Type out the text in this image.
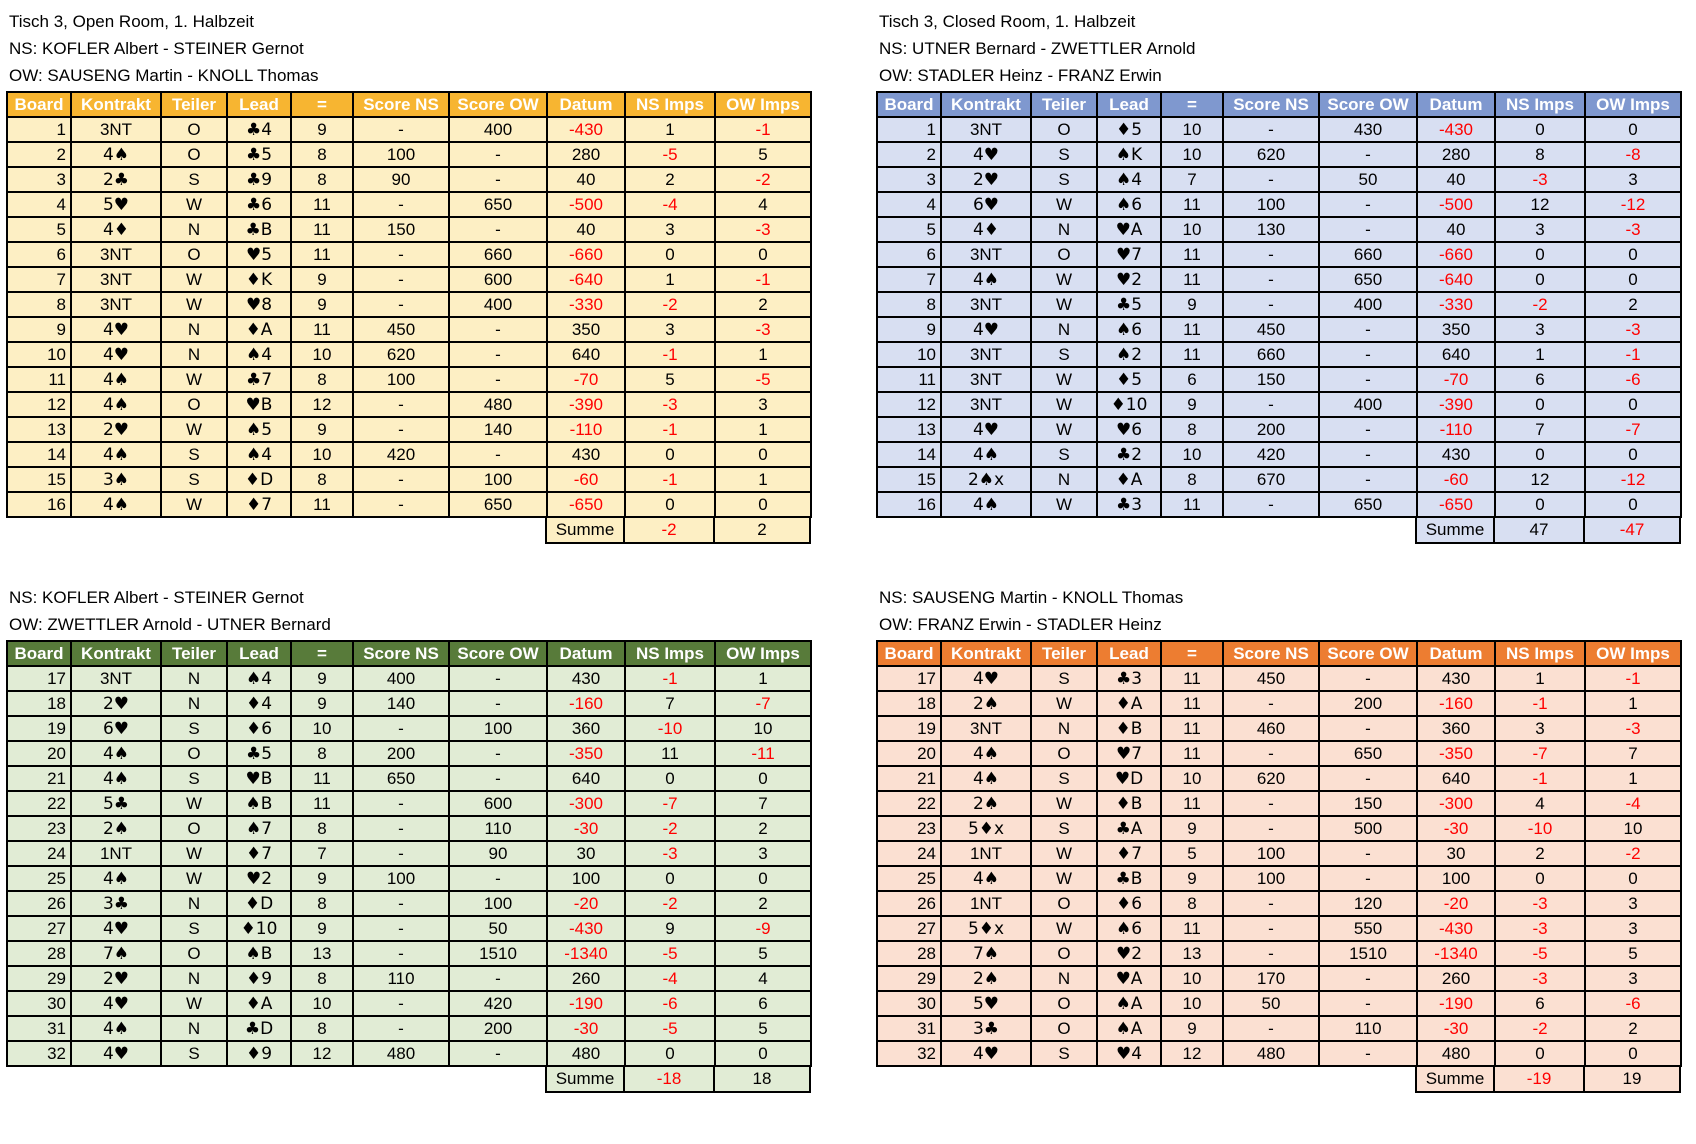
Tisch 3, Open Room, 1. Halbzeit
NS: KOFLER Albert - STEINER Gernot
OW: SAUSENG Martin - KNOLL Thomas
Board	Kontrakt	Teiler	Lead	=	Score NS	Score OW	Datum	NS Imps	OW Imps
1	3NT	O	♣4	9	-	400	-430	1	-1
2	4♠	O	♣5	8	100	-	280	-5	5
3	2♣	S	♣9	8	90	-	40	2	-2
4	5♥	W	♣6	11	-	650	-500	-4	4
5	4♦	N	♣B	11	150	-	40	3	-3
6	3NT	O	♥5	11	-	660	-660	0	0
7	3NT	W	♦K	9	-	600	-640	1	-1
8	3NT	W	♥8	9	-	400	-330	-2	2
9	4♥	N	♦A	11	450	-	350	3	-3
10	4♥	N	♠4	10	620	-	640	-1	1
11	4♠	W	♣7	8	100	-	-70	5	-5
12	4♠	O	♥B	12	-	480	-390	-3	3
13	2♥	W	♠5	9	-	140	-110	-1	1
14	4♠	S	♠4	10	420	-	430	0	0
15	3♠	S	♦D	8	-	100	-60	-1	1
16	4♠	W	♦7	11	-	650	-650	0	0
	Summe	-2	2
Tisch 3, Closed Room, 1. Halbzeit
NS: UTNER Bernard - ZWETTLER Arnold
OW: STADLER Heinz - FRANZ Erwin
Board	Kontrakt	Teiler	Lead	=	Score NS	Score OW	Datum	NS Imps	OW Imps
1	3NT	O	♦5	10	-	430	-430	0	0
2	4♥	S	♠K	10	620	-	280	8	-8
3	2♥	S	♠4	7	-	50	40	-3	3
4	6♥	W	♠6	11	100	-	-500	12	-12
5	4♦	N	♥A	10	130	-	40	3	-3
6	3NT	O	♥7	11	-	660	-660	0	0
7	4♠	W	♥2	11	-	650	-640	0	0
8	3NT	W	♣5	9	-	400	-330	-2	2
9	4♥	N	♠6	11	450	-	350	3	-3
10	3NT	S	♠2	11	660	-	640	1	-1
11	3NT	W	♦5	6	150	-	-70	6	-6
12	3NT	W	♦10	9	-	400	-390	0	0
13	4♥	W	♥6	8	200	-	-110	7	-7
14	4♠	S	♣2	10	420	-	430	0	0
15	2♠x	N	♦A	8	670	-	-60	12	-12
16	4♠	W	♣3	11	-	650	-650	0	0
	Summe	47	-47
NS: KOFLER Albert - STEINER Gernot
OW: ZWETTLER Arnold - UTNER Bernard
Board	Kontrakt	Teiler	Lead	=	Score NS	Score OW	Datum	NS Imps	OW Imps
17	3NT	N	♠4	9	400	-	430	-1	1
18	2♥	N	♦4	9	140	-	-160	7	-7
19	6♥	S	♦6	10	-	100	360	-10	10
20	4♠	O	♣5	8	200	-	-350	11	-11
21	4♠	S	♥B	11	650	-	640	0	0
22	5♣	W	♠B	11	-	600	-300	-7	7
23	2♠	O	♠7	8	-	110	-30	-2	2
24	1NT	W	♦7	7	-	90	30	-3	3
25	4♠	W	♥2	9	100	-	100	0	0
26	3♣	N	♦D	8	-	100	-20	-2	2
27	4♥	S	♦10	9	-	50	-430	9	-9
28	7♠	O	♠B	13	-	1510	-1340	-5	5
29	2♥	N	♦9	8	110	-	260	-4	4
30	4♥	W	♦A	10	-	420	-190	-6	6
31	4♠	N	♣D	8	-	200	-30	-5	5
32	4♥	S	♦9	12	480	-	480	0	0
	Summe	-18	18
NS: SAUSENG Martin - KNOLL Thomas
OW: FRANZ Erwin - STADLER Heinz
Board	Kontrakt	Teiler	Lead	=	Score NS	Score OW	Datum	NS Imps	OW Imps
17	4♥	S	♣3	11	450	-	430	1	-1
18	2♠	W	♦A	11	-	200	-160	-1	1
19	3NT	N	♦B	11	460	-	360	3	-3
20	4♠	O	♥7	11	-	650	-350	-7	7
21	4♠	S	♥D	10	620	-	640	-1	1
22	2♠	W	♦B	11	-	150	-300	4	-4
23	5♦x	S	♣A	9	-	500	-30	-10	10
24	1NT	W	♦7	5	100	-	30	2	-2
25	4♠	W	♣B	9	100	-	100	0	0
26	1NT	O	♦6	8	-	120	-20	-3	3
27	5♦x	W	♠6	11	-	550	-430	-3	3
28	7♠	O	♥2	13	-	1510	-1340	-5	5
29	2♠	N	♥A	10	170	-	260	-3	3
30	5♥	O	♠A	10	50	-	-190	6	-6
31	3♣	O	♠A	9	-	110	-30	-2	2
32	4♥	S	♥4	12	480	-	480	0	0
	Summe	-19	19
